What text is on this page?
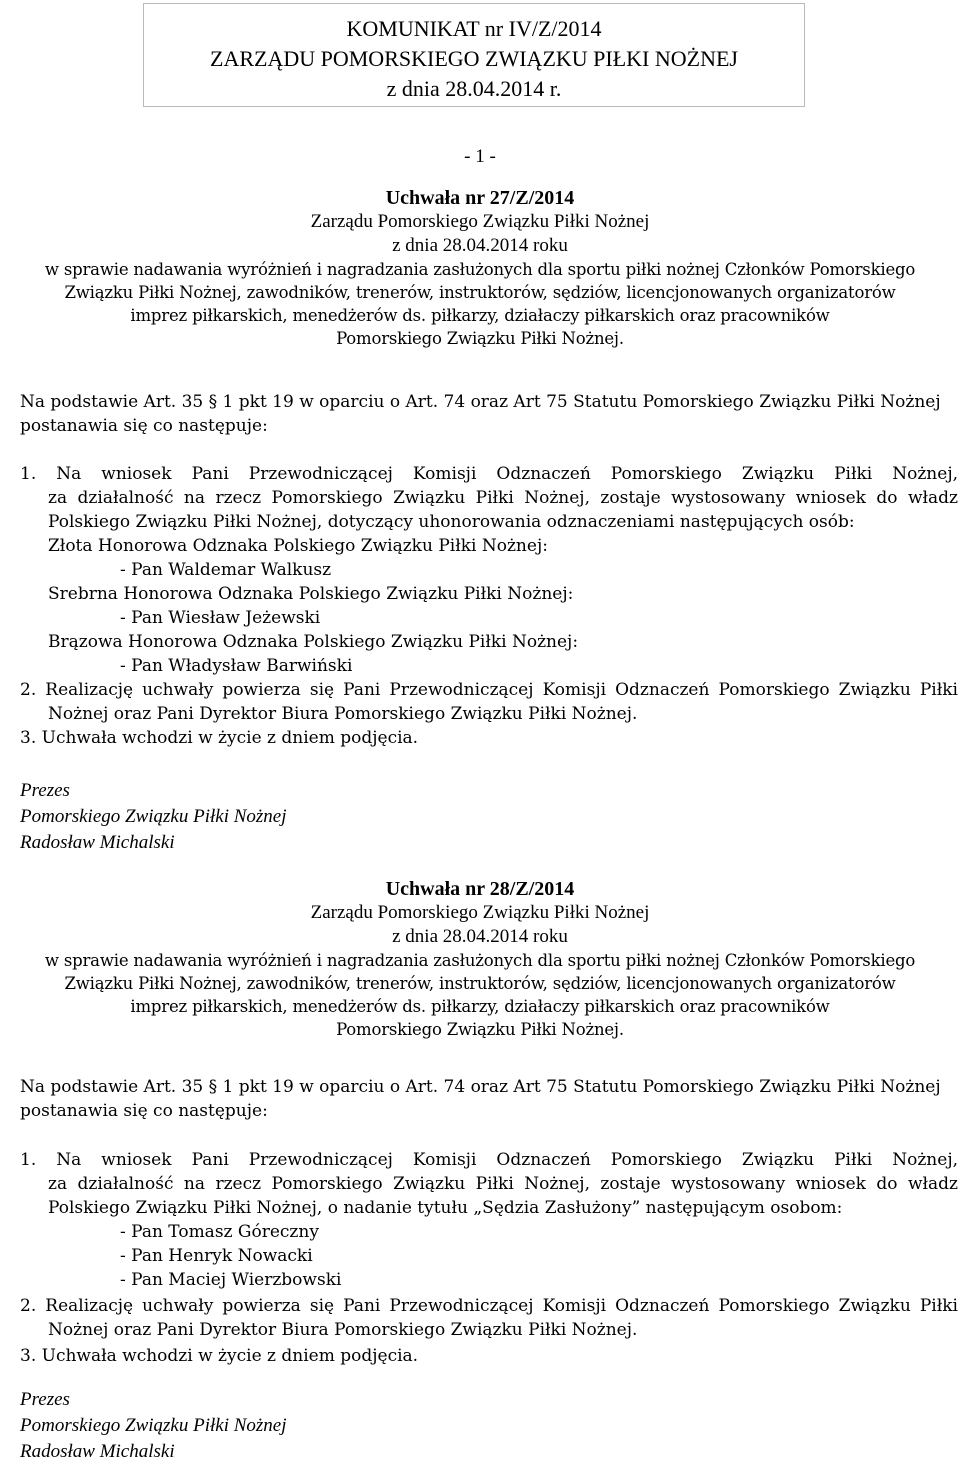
KOMUNIKAT nr IV/Z/2014
ZARZĄDU POMORSKIEGO ZWIĄZKU PIŁKI NOŻNEJ
z dnia 28.04.2014 r.
- 1 -
Uchwała nr 27/Z/2014
Zarządu Pomorskiego Związku Piłki Nożnej
z dnia 28.04.2014 roku
w sprawie nadawania wyróżnień i nagradzania zasłużonych dla sportu piłki nożnej Członków Pomorskiego
Związku Piłki Nożnej, zawodników, trenerów, instruktorów, sędziów, licencjonowanych organizatorów
imprez piłkarskich, menedżerów ds. piłkarzy, działaczy piłkarskich oraz pracowników
Pomorskiego Związku Piłki Nożnej.
Na podstawie Art. 35 § 1 pkt 19 w oparciu o Art. 74 oraz Art 75 Statutu Pomorskiego Związku Piłki Nożnej
postanawia się co następuje:
1. Na wniosek Pani Przewodniczącej Komisji Odznaczeń Pomorskiego Związku Piłki Nożnej,
za działalność na rzecz Pomorskiego Związku Piłki Nożnej, zostaje wystosowany wniosek do władz
Polskiego Związku Piłki Nożnej, dotyczący uhonorowania odznaczeniami następujących osób:
Złota Honorowa Odznaka Polskiego Związku Piłki Nożnej:
- Pan Waldemar Walkusz
Srebrna Honorowa Odznaka Polskiego Związku Piłki Nożnej:
- Pan Wiesław Jeżewski
Brązowa Honorowa Odznaka Polskiego Związku Piłki Nożnej:
- Pan Władysław Barwiński
2. Realizację uchwały powierza się Pani Przewodniczącej Komisji Odznaczeń Pomorskiego Związku Piłki
Nożnej oraz Pani Dyrektor Biura Pomorskiego Związku Piłki Nożnej.
3. Uchwała wchodzi w życie z dniem podjęcia.
Prezes
Pomorskiego Związku Piłki Nożnej
Radosław Michalski
Uchwała nr 28/Z/2014
Zarządu Pomorskiego Związku Piłki Nożnej
z dnia 28.04.2014 roku
w sprawie nadawania wyróżnień i nagradzania zasłużonych dla sportu piłki nożnej Członków Pomorskiego
Związku Piłki Nożnej, zawodników, trenerów, instruktorów, sędziów, licencjonowanych organizatorów
imprez piłkarskich, menedżerów ds. piłkarzy, działaczy piłkarskich oraz pracowników
Pomorskiego Związku Piłki Nożnej.
Na podstawie Art. 35 § 1 pkt 19 w oparciu o Art. 74 oraz Art 75 Statutu Pomorskiego Związku Piłki Nożnej
postanawia się co następuje:
1. Na wniosek Pani Przewodniczącej Komisji Odznaczeń Pomorskiego Związku Piłki Nożnej,
za działalność na rzecz Pomorskiego Związku Piłki Nożnej, zostaje wystosowany wniosek do władz
Polskiego Związku Piłki Nożnej, o nadanie tytułu „Sędzia Zasłużony” następującym osobom:
- Pan Tomasz Góreczny
- Pan Henryk Nowacki
- Pan Maciej Wierzbowski
2. Realizację uchwały powierza się Pani Przewodniczącej Komisji Odznaczeń Pomorskiego Związku Piłki
Nożnej oraz Pani Dyrektor Biura Pomorskiego Związku Piłki Nożnej.
3. Uchwała wchodzi w życie z dniem podjęcia.
Prezes
Pomorskiego Związku Piłki Nożnej
Radosław Michalski
